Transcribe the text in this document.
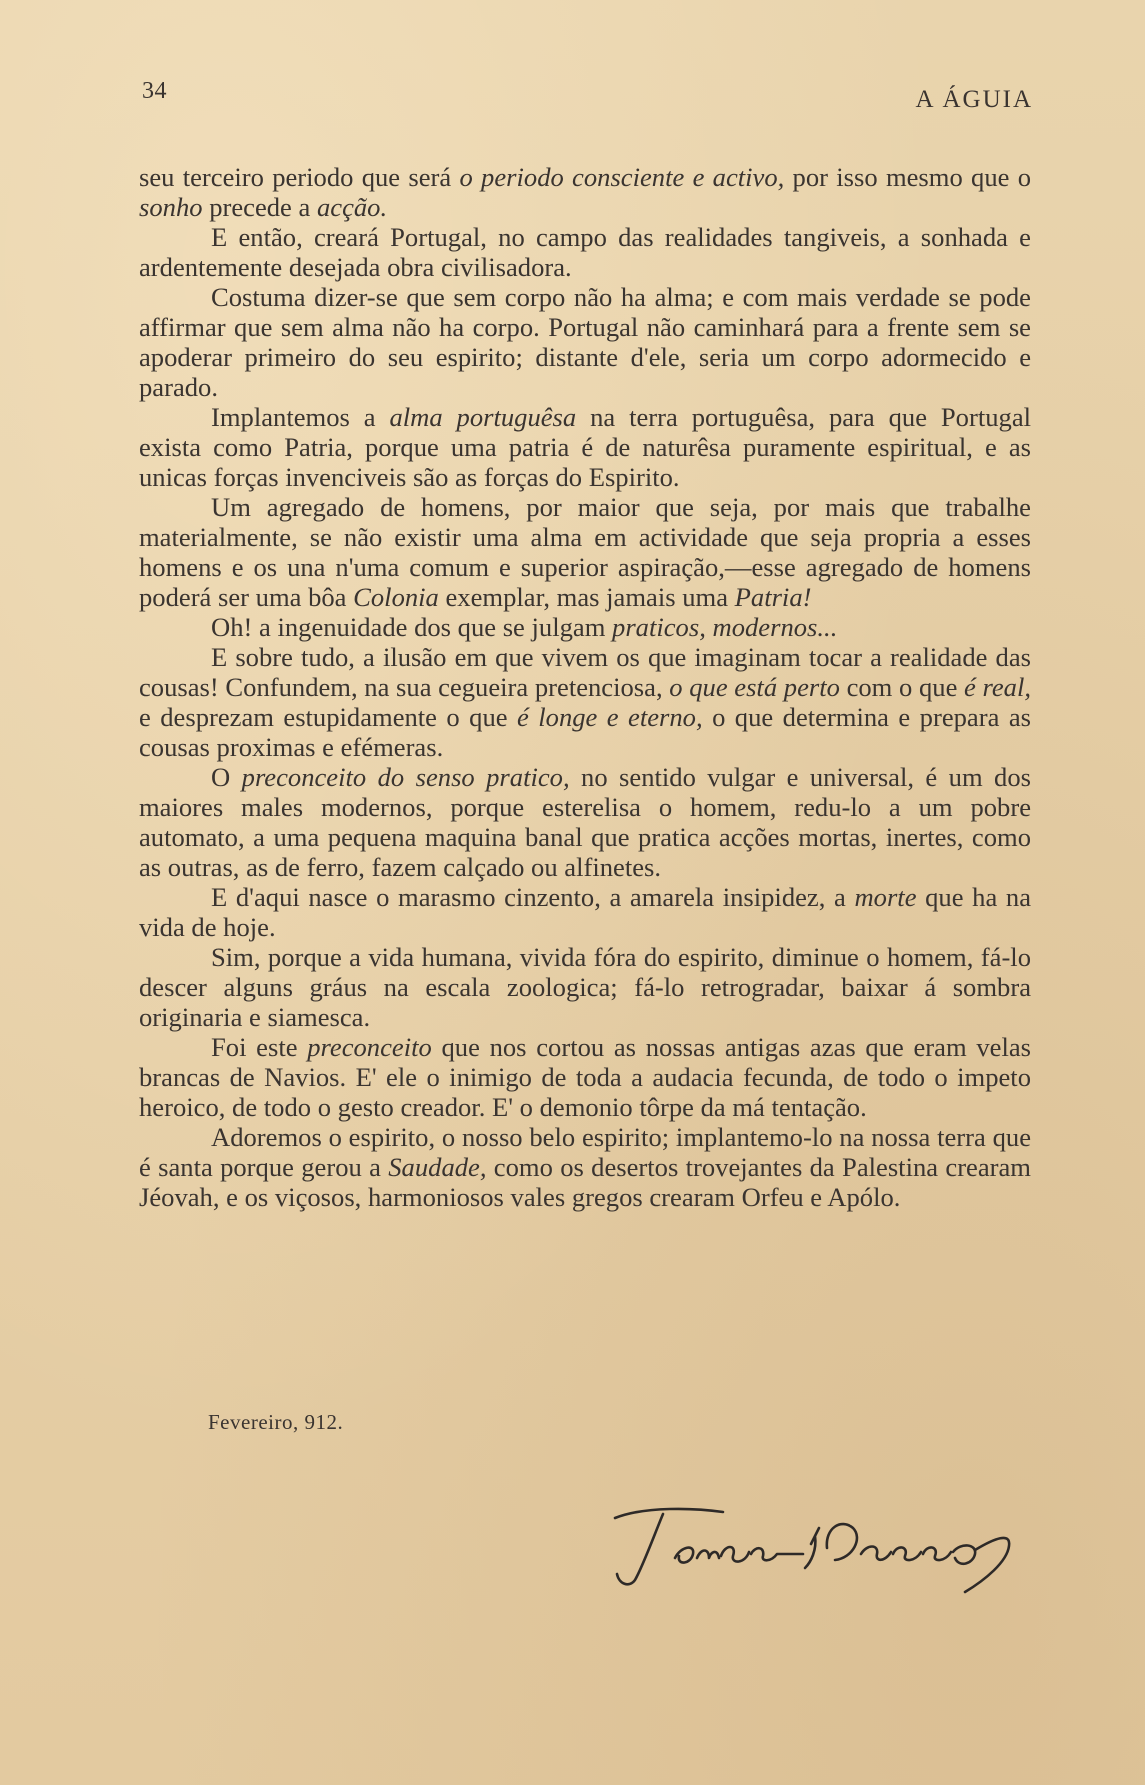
34	A ÁGUIA

seu terceiro periodo que será o periodo consciente e activo, por isso mesmo que o sonho precede a acção.

E então, creará Portugal, no campo das realidades tangiveis, a sonhada e ardentemente desejada obra civilisadora.

Costuma dizer-se que sem corpo não ha alma; e com mais verdade se pode affirmar que sem alma não ha corpo. Portugal não caminhará para a frente sem se apoderar primeiro do seu espirito; distante d'ele, seria um corpo adormecido e parado.

Implantemos a alma portuguêsa na terra portuguêsa, para que Portugal exista como Patria, porque uma patria é de naturêsa puramente espiritual, e as unicas forças invenciveis são as forças do Espirito.

Um agregado de homens, por maior que seja, por mais que trabalhe materialmente, se não existir uma alma em actividade que seja propria a esses homens e os una n'uma comum e superior aspiração,—esse agregado de homens poderá ser uma bôa Colonia exemplar, mas jamais uma Patria!

Oh! a ingenuidade dos que se julgam praticos, modernos...

E sobre tudo, a ilusão em que vivem os que imaginam tocar a realidade das cousas! Confundem, na sua cegueira pretenciosa, o que está perto com o que é real, e desprezam estupidamente o que é longe e eterno, o que determina e prepara as cousas proximas e efémeras.

O preconceito do senso pratico, no sentido vulgar e universal, é um dos maiores males modernos, porque esterelisa o homem, redu-lo a um pobre automato, a uma pequena maquina banal que pratica acções mortas, inertes, como as outras, as de ferro, fazem calçado ou alfinetes.

E d'aqui nasce o marasmo cinzento, a amarela insipidez, a morte que ha na vida de hoje.

Sim, porque a vida humana, vivida fóra do espirito, diminue o homem, fá-lo descer alguns gráus na escala zoologica; fá-lo retrogradar, baixar á sombra originaria e siamesca.

Foi este preconceito que nos cortou as nossas antigas azas que eram velas brancas de Navios. E' ele o inimigo de toda a audacia fecunda, de todo o impeto heroico, de todo o gesto creador. E' o demonio tôrpe da má tentação.

Adoremos o espirito, o nosso belo espirito; implantemo-lo na nossa terra que é santa porque gerou a Saudade, como os desertos trovejantes da Palestina crearam Jéovah, e os viçosos, harmoniosos vales gregos crearam Orfeu e Apólo.

Fevereiro, 912.
